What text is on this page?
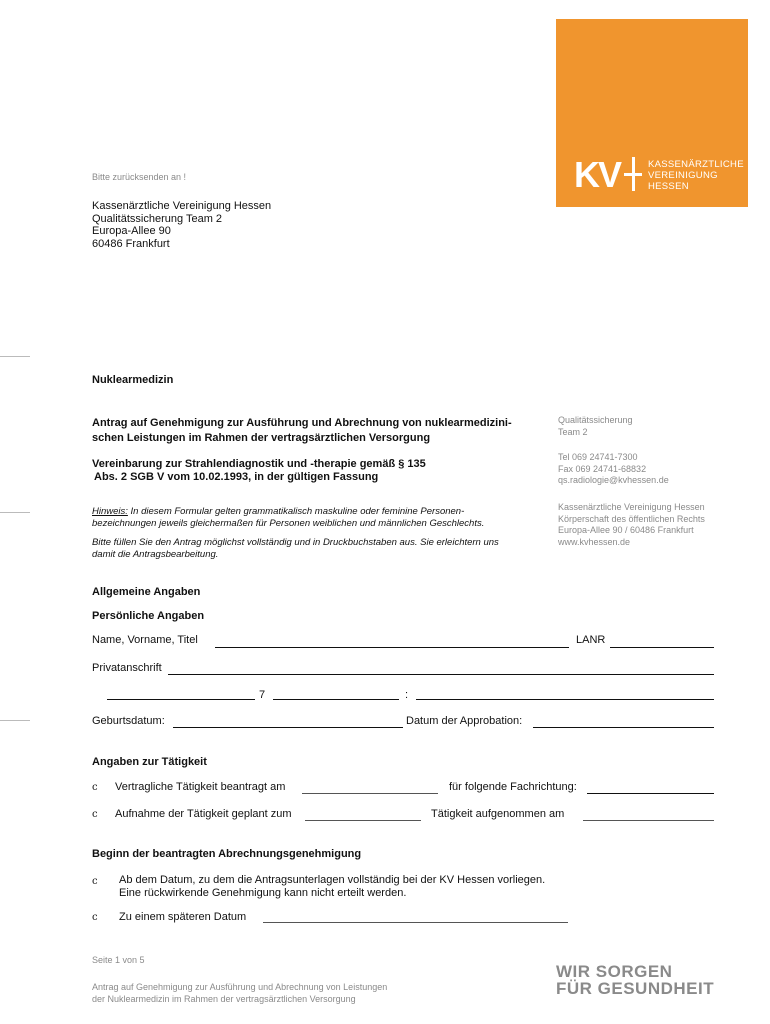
KV	KASSENÄRZTLICHE
VEREINIGUNG
HESSEN
Bitte zurücksenden an !
Kassenärztliche Vereinigung Hessen
Qualitätssicherung Team 2
Europa-Allee 90
60486 Frankfurt
Nuklearmedizin
Antrag auf Genehmigung zur Ausführung und Abrechnung von nuklearmedizini-
schen Leistungen im Rahmen der vertragsärztlichen Versorgung
Vereinbarung zur Strahlendiagnostik und -therapie gemäß § 135
Abs. 2 SGB V vom 10.02.1993, in der gültigen Fassung
Hinweis: In diesem Formular gelten grammatikalisch maskuline oder feminine Personen-
bezeichnungen jeweils gleichermaßen für Personen weiblichen und männlichen Geschlechts.
Bitte füllen Sie den Antrag möglichst vollständig und in Druckbuchstaben aus. Sie erleichtern uns
damit die Antragsbearbeitung.
Qualitätssicherung
Team 2
Tel 069 24741-7300
Fax 069 24741-68832
qs.radiologie@kvhessen.de
Kassenärztliche Vereinigung Hessen
Körperschaft des öffentlichen Rechts
Europa-Allee 90 / 60486 Frankfurt
www.kvhessen.de
Allgemeine Angaben
Persönliche Angaben
Name, Vorname, Titel	LANR
Privatanschrift
7	:
Geburtsdatum:	Datum der Approbation:
Angaben zur Tätigkeit
c Vertragliche Tätigkeit beantragt am	für folgende Fachrichtung:
c Aufnahme der Tätigkeit geplant zum	Tätigkeit aufgenommen am
Beginn der beantragten Abrechnungsgenehmigung
c Ab dem Datum, zu dem die Antragsunterlagen vollständig bei der KV Hessen vorliegen.
Eine rückwirkende Genehmigung kann nicht erteilt werden.
c Zu einem späteren Datum
Seite 1 von 5
Antrag auf Genehmigung zur Ausführung und Abrechnung von Leistungen
der Nuklearmedizin im Rahmen der vertragsärztlichen Versorgung
WIR SORGEN
FÜR GESUNDHEIT
